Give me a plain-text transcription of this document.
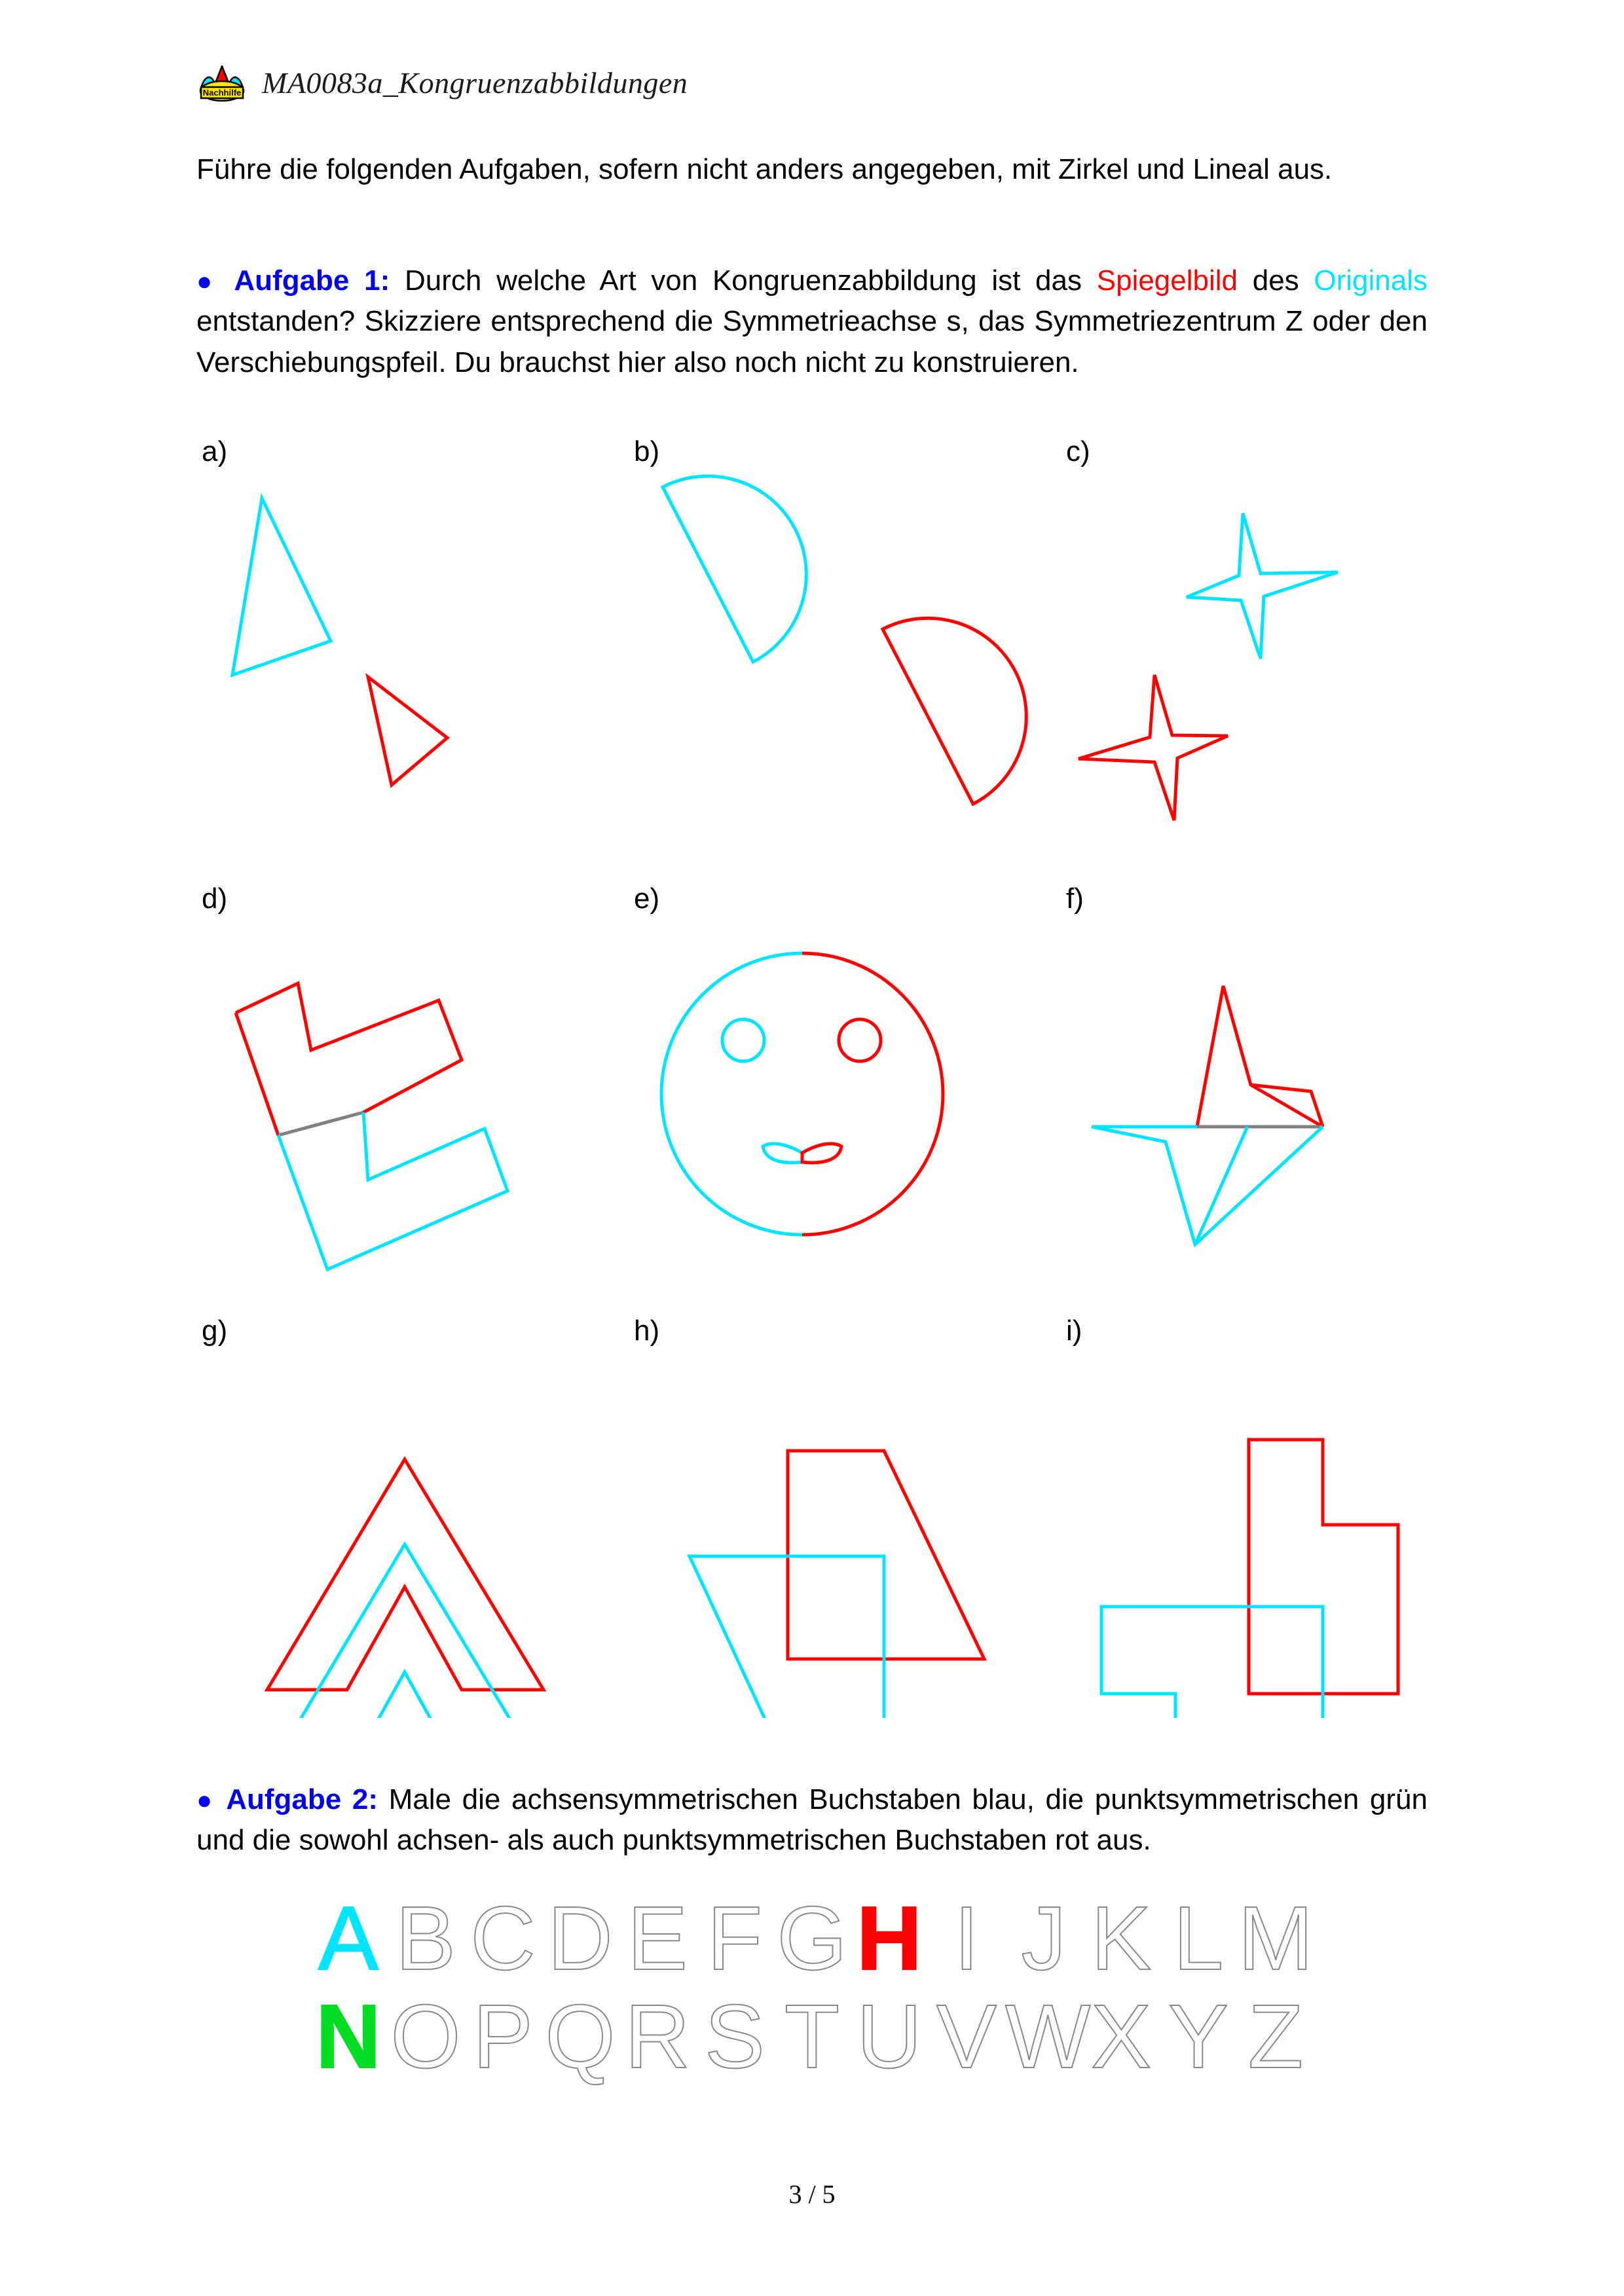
Nachhilfe MA0083a_Kongruenzabbildungen
Führe die folgenden Aufgaben, sofern nicht anders angegeben, mit Zirkel und Lineal aus.
● Aufgabe 1: Durch welche Art von Kongruenzabbildung ist das Spiegelbild des Originals entstanden? Skizziere entsprechend die Symmetrieachse s, das Symmetriezentrum Z oder den Verschiebungspfeil. Du brauchst hier also noch nicht zu konstruieren.
a)	b)	c)
d)	e)	f)
g)	h)	i)
● Aufgabe 2: Male die achsensymmetrischen Buchstaben blau, die punktsymmetrischen grün und die sowohl achsen- als auch punktsymmetrischen Buchstaben rot aus.
A B C D E F G H I J K L M
N O P Q R S T U V W X Y Z
3 / 5
